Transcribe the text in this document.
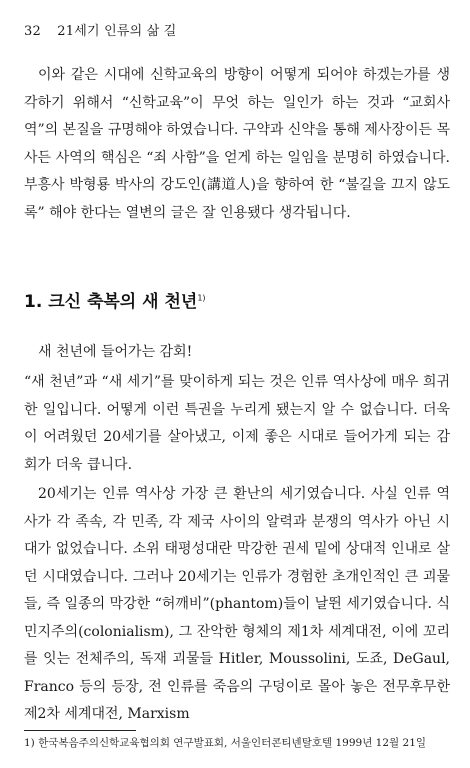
32 21세기 인류의 삶 길

이와 같은 시대에 신학교육의 방향이 어떻게 되어야 하겠는가를 생각하기 위해서 “신학교육”이 무엇 하는 일인가 하는 것과 “교회사역”의 본질을 규명해야 하였습니다. 구약과 신약을 통해 제사장이든 목사든 사역의 핵심은 “죄 사함”을 얻게 하는 일임을 분명히 하였습니다. 부흥사 박형룡 박사의 강도인(講道人)을 향하여 한 “불길을 끄지 않도록” 해야 한다는 열변의 글은 잘 인용됐다 생각됩니다.

1. 크신 축복의 새 천년$^{1)}$

새 천년에 들어가는 감회!

“새 천년”과 “새 세기”를 맞이하게 되는 것은 인류 역사상에 매우 희귀한 일입니다. 어떻게 이런 특권을 누리게 됐는지 알 수 없습니다. 더욱이 어려웠던 20세기를 살아냈고, 이제 좋은 시대로 들어가게 되는 감회가 더욱 큽니다.

20세기는 인류 역사상 가장 큰 환난의 세기였습니다. 사실 인류 역사가 각 족속, 각 민족, 각 제국 사이의 알력과 분쟁의 역사가 아닌 시대가 없었습니다. 소위 태평성대란 막강한 권세 밑에 상대적 인내로 살던 시대였습니다. 그러나 20세기는 인류가 경험한 초개인적인 큰 괴물들, 즉 일종의 막강한 “허깨비”(phantom)들이 날뛴 세기였습니다. 식민지주의(colonialism), 그 잔악한 형체의 제1차 세계대전, 이에 꼬리를 잇는 전체주의, 독재 괴물들 Hitler, Moussolini, 도죠, DeGaul, Franco 등의 등장, 전 인류를 죽음의 구덩이로 몰아 놓은 전무후무한 제2차 세계대전, Marxism

1) 한국복음주의신학교육협의회 연구발표회, 서울인터콘티넨탈호텔 1999년 12월 21일
